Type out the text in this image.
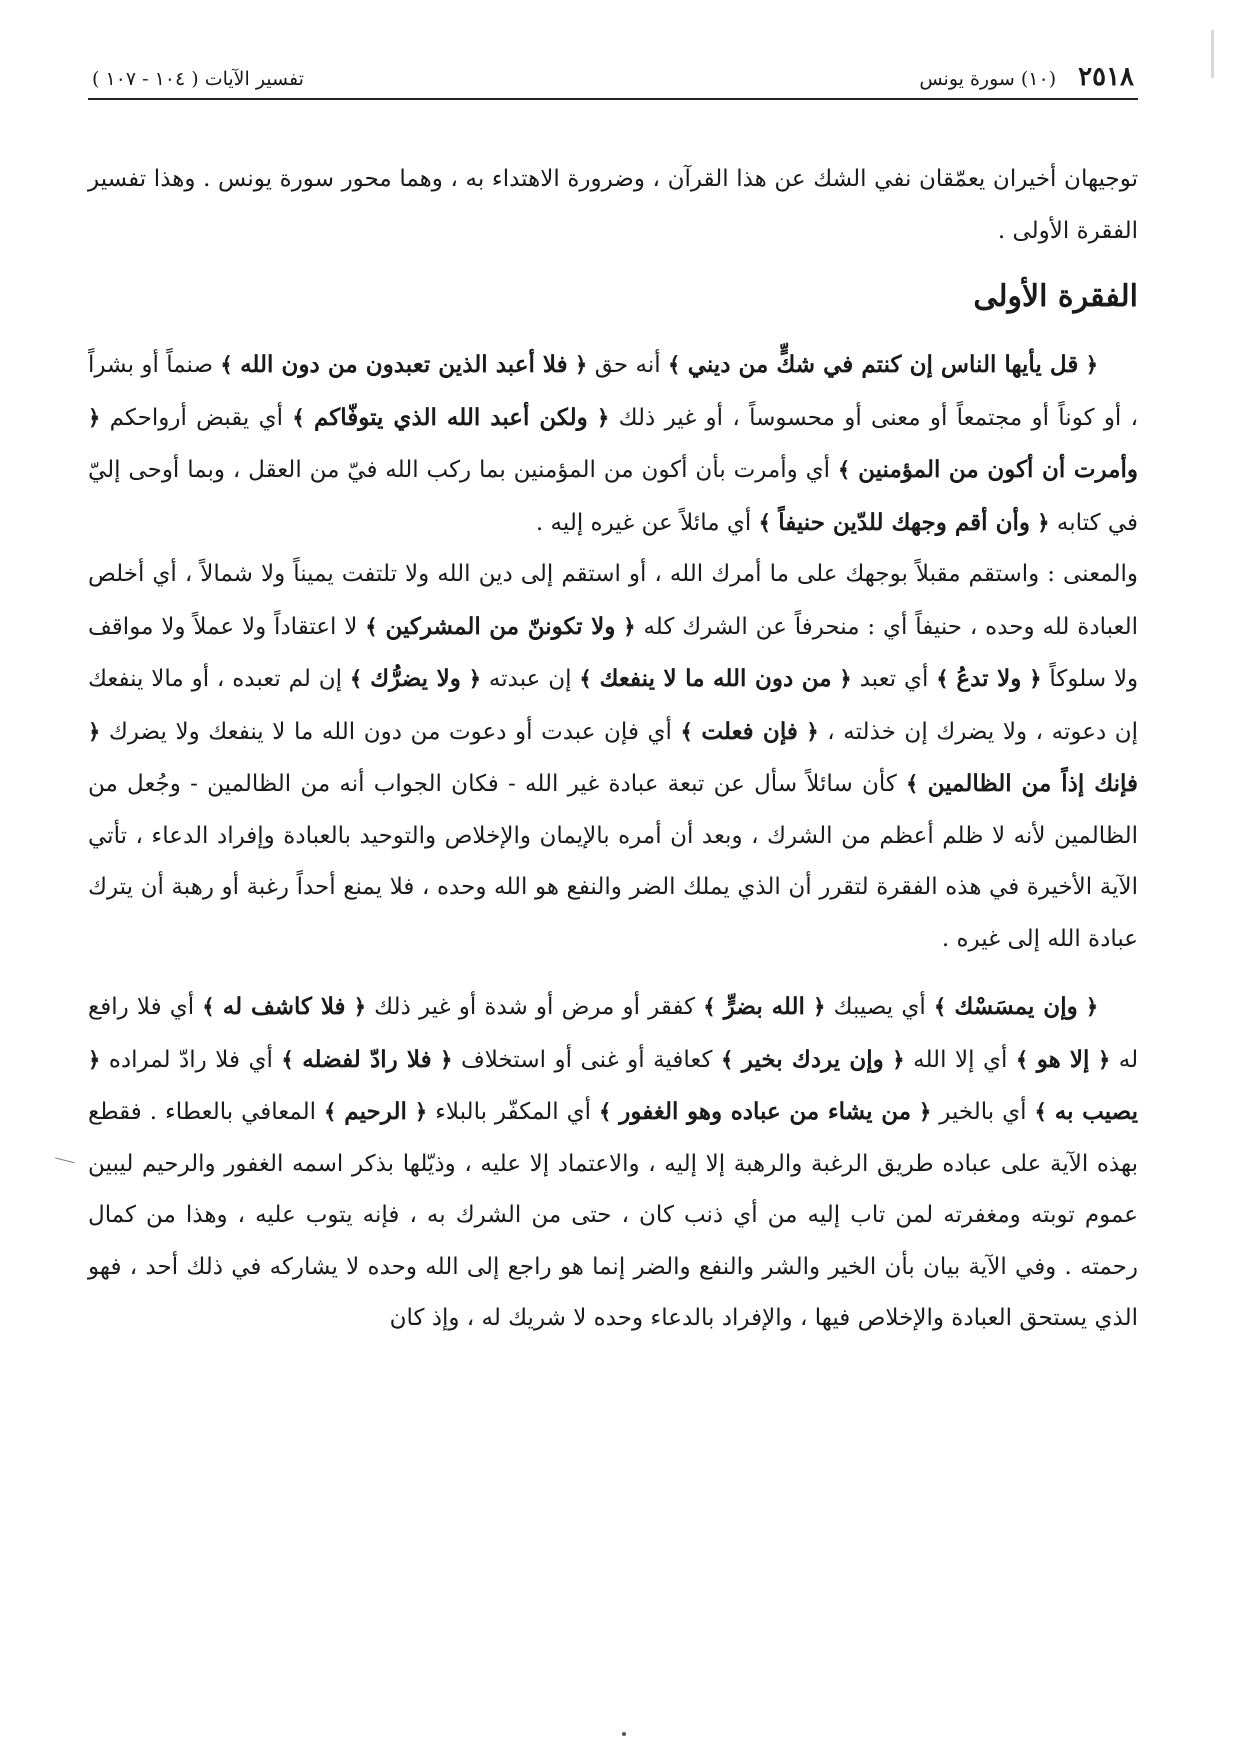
٢٥١٨
(١٠) سورة يونس
تفسير الآيات ( ١٠٤ - ١٠٧ )

توجيهان أخيران يعمّقان نفي الشك عن هذا القرآن ، وضرورة الاهتداء به ، وهما محور سورة يونس . وهذا تفسير الفقرة الأولى .

الفقرة الأولى

﴿ قل يأيها الناس إن كنتم في شكٍّ من ديني ﴾ أنه حق ﴿ فلا أعبد الذين تعبدون من دون الله ﴾ صنماً أو بشراً ، أو كوناً أو مجتمعاً أو معنى أو محسوساً ، أو غير ذلك ﴿ ولكن أعبد الله الذي يتوفّاكم ﴾ أي يقبض أرواحكم ﴿ وأمرت أن أكون من المؤمنين ﴾ أي وأمرت بأن أكون من المؤمنين بما ركب الله فيّ من العقل ، وبما أوحى إليّ في كتابه ﴿ وأن أقم وجهك للدّين حنيفاً ﴾ أي مائلاً عن غيره إليه .

والمعنى : واستقم مقبلاً بوجهك على ما أمرك الله ، أو استقم إلى دين الله ولا تلتفت يميناً ولا شمالاً ، أي أخلص العبادة لله وحده ، حنيفاً أي : منحرفاً عن الشرك كله ﴿ ولا تكوننّ من المشركين ﴾ لا اعتقاداً ولا عملاً ولا مواقف ولا سلوكاً ﴿ ولا تدعُ ﴾ أي تعبد ﴿ من دون الله ما لا ينفعك ﴾ إن عبدته ﴿ ولا يضرُّك ﴾ إن لم تعبده ، أو مالا ينفعك إن دعوته ، ولا يضرك إن خذلته ، ﴿ فإن فعلت ﴾ أي فإن عبدت أو دعوت من دون الله ما لا ينفعك ولا يضرك ﴿ فإنك إذاً من الظالمين ﴾ كأن سائلاً سأل عن تبعة عبادة غير الله - فكان الجواب أنه من الظالمين - وجُعل من الظالمين لأنه لا ظلم أعظم من الشرك ، وبعد أن أمره بالإيمان والإخلاص والتوحيد بالعبادة وإفراد الدعاء ، تأتي الآية الأخيرة في هذه الفقرة لتقرر أن الذي يملك الضر والنفع هو الله وحده ، فلا يمنع أحداً رغبة أو رهبة أن يترك عبادة الله إلى غيره .

﴿ وإن يمسَسْك ﴾ أي يصيبك ﴿ الله بضرٍّ ﴾ كفقر أو مرض أو شدة أو غير ذلك ﴿ فلا كاشف له ﴾ أي فلا رافع له ﴿ إلا هو ﴾ أي إلا الله ﴿ وإن يردك بخير ﴾ كعافية أو غنى أو استخلاف ﴿ فلا رادّ لفضله ﴾ أي فلا رادّ لمراده ﴿ يصيب به ﴾ أي بالخير ﴿ من يشاء من عباده وهو الغفور ﴾ أي المكفّر بالبلاء ﴿ الرحيم ﴾ المعافي بالعطاء . فقطع بهذه الآية على عباده طريق الرغبة والرهبة إلا إليه ، والاعتماد إلا عليه ، وذيّلها بذكر اسمه الغفور والرحيم ليبين عموم توبته ومغفرته لمن تاب إليه من أي ذنب كان ، حتى من الشرك به ، فإنه يتوب عليه ، وهذا من كمال رحمته . وفي الآية بيان بأن الخير والشر والنفع والضر إنما هو راجع إلى الله وحده لا يشاركه في ذلك أحد ، فهو الذي يستحق العبادة والإخلاص فيها ، والإفراد بالدعاء وحده لا شريك له ، وإذ كان
